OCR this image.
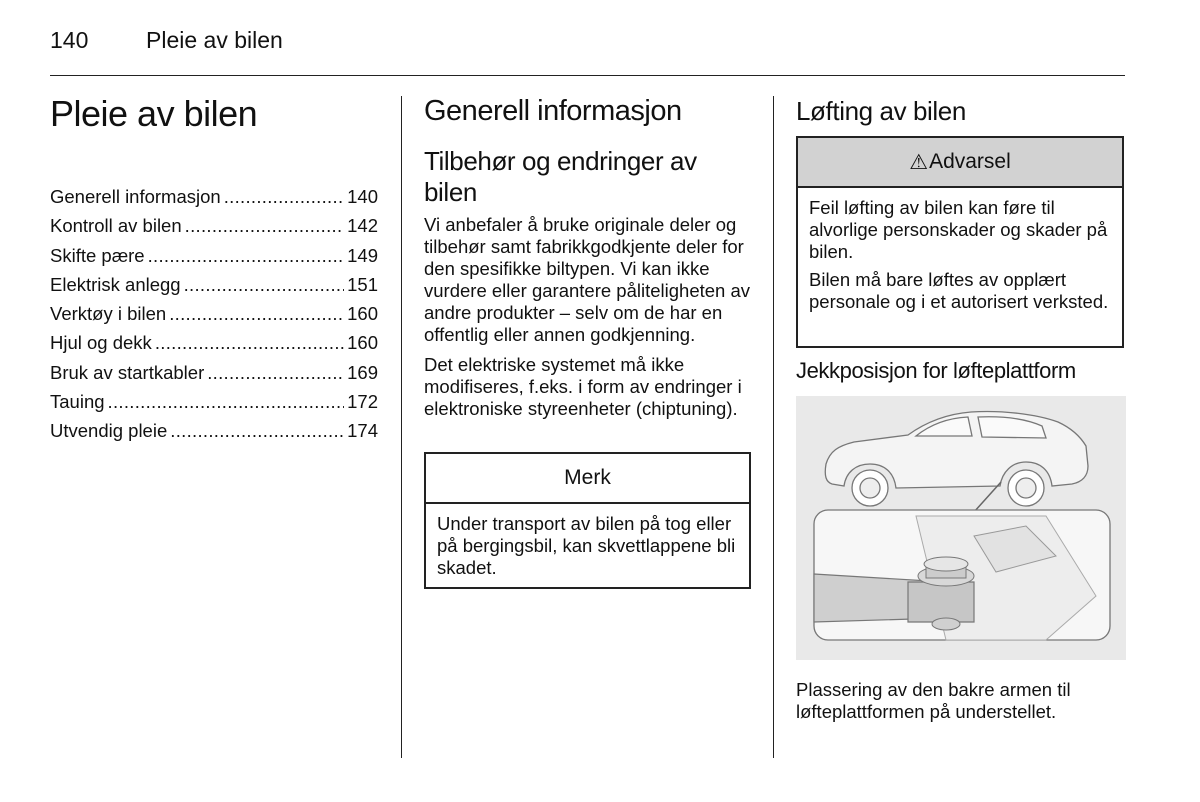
140	Pleie av bilen
Pleie av bilen
Generell informasjon .....	140
Kontroll av bilen .....	142
Skifte pære .....	149
Elektrisk anlegg .....	151
Verktøy i bilen .....	160
Hjul og dekk .....	160
Bruk av startkabler .....	169
Tauing .....	172
Utvendig pleie .....	174
Generell informasjon
Tilbehør og endringer av bilen

Vi anbefaler å bruke originale deler og tilbehør samt fabrikkgodkjente deler for den spesifikke biltypen. Vi kan ikke vurdere eller garantere påliteligheten av andre produkter – selv om de har en offentlig eller annen godkjenning.

Det elektriske systemet må ikke modifiseres, f.eks. i form av endringer i elektroniske styreenheter (chiptuning).

Merk
Under transport av bilen på tog eller på bergingsbil, kan skvettlappene bli skadet.
Løfting av bilen
⚠ Advarsel

Feil løfting av bilen kan føre til alvorlige personskader og skader på bilen.

Bilen må bare løftes av opplært personale og i et autorisert verksted.

Jekkposisjon for løfteplattform

Plassering av den bakre armen til løfteplattformen på understellet.
